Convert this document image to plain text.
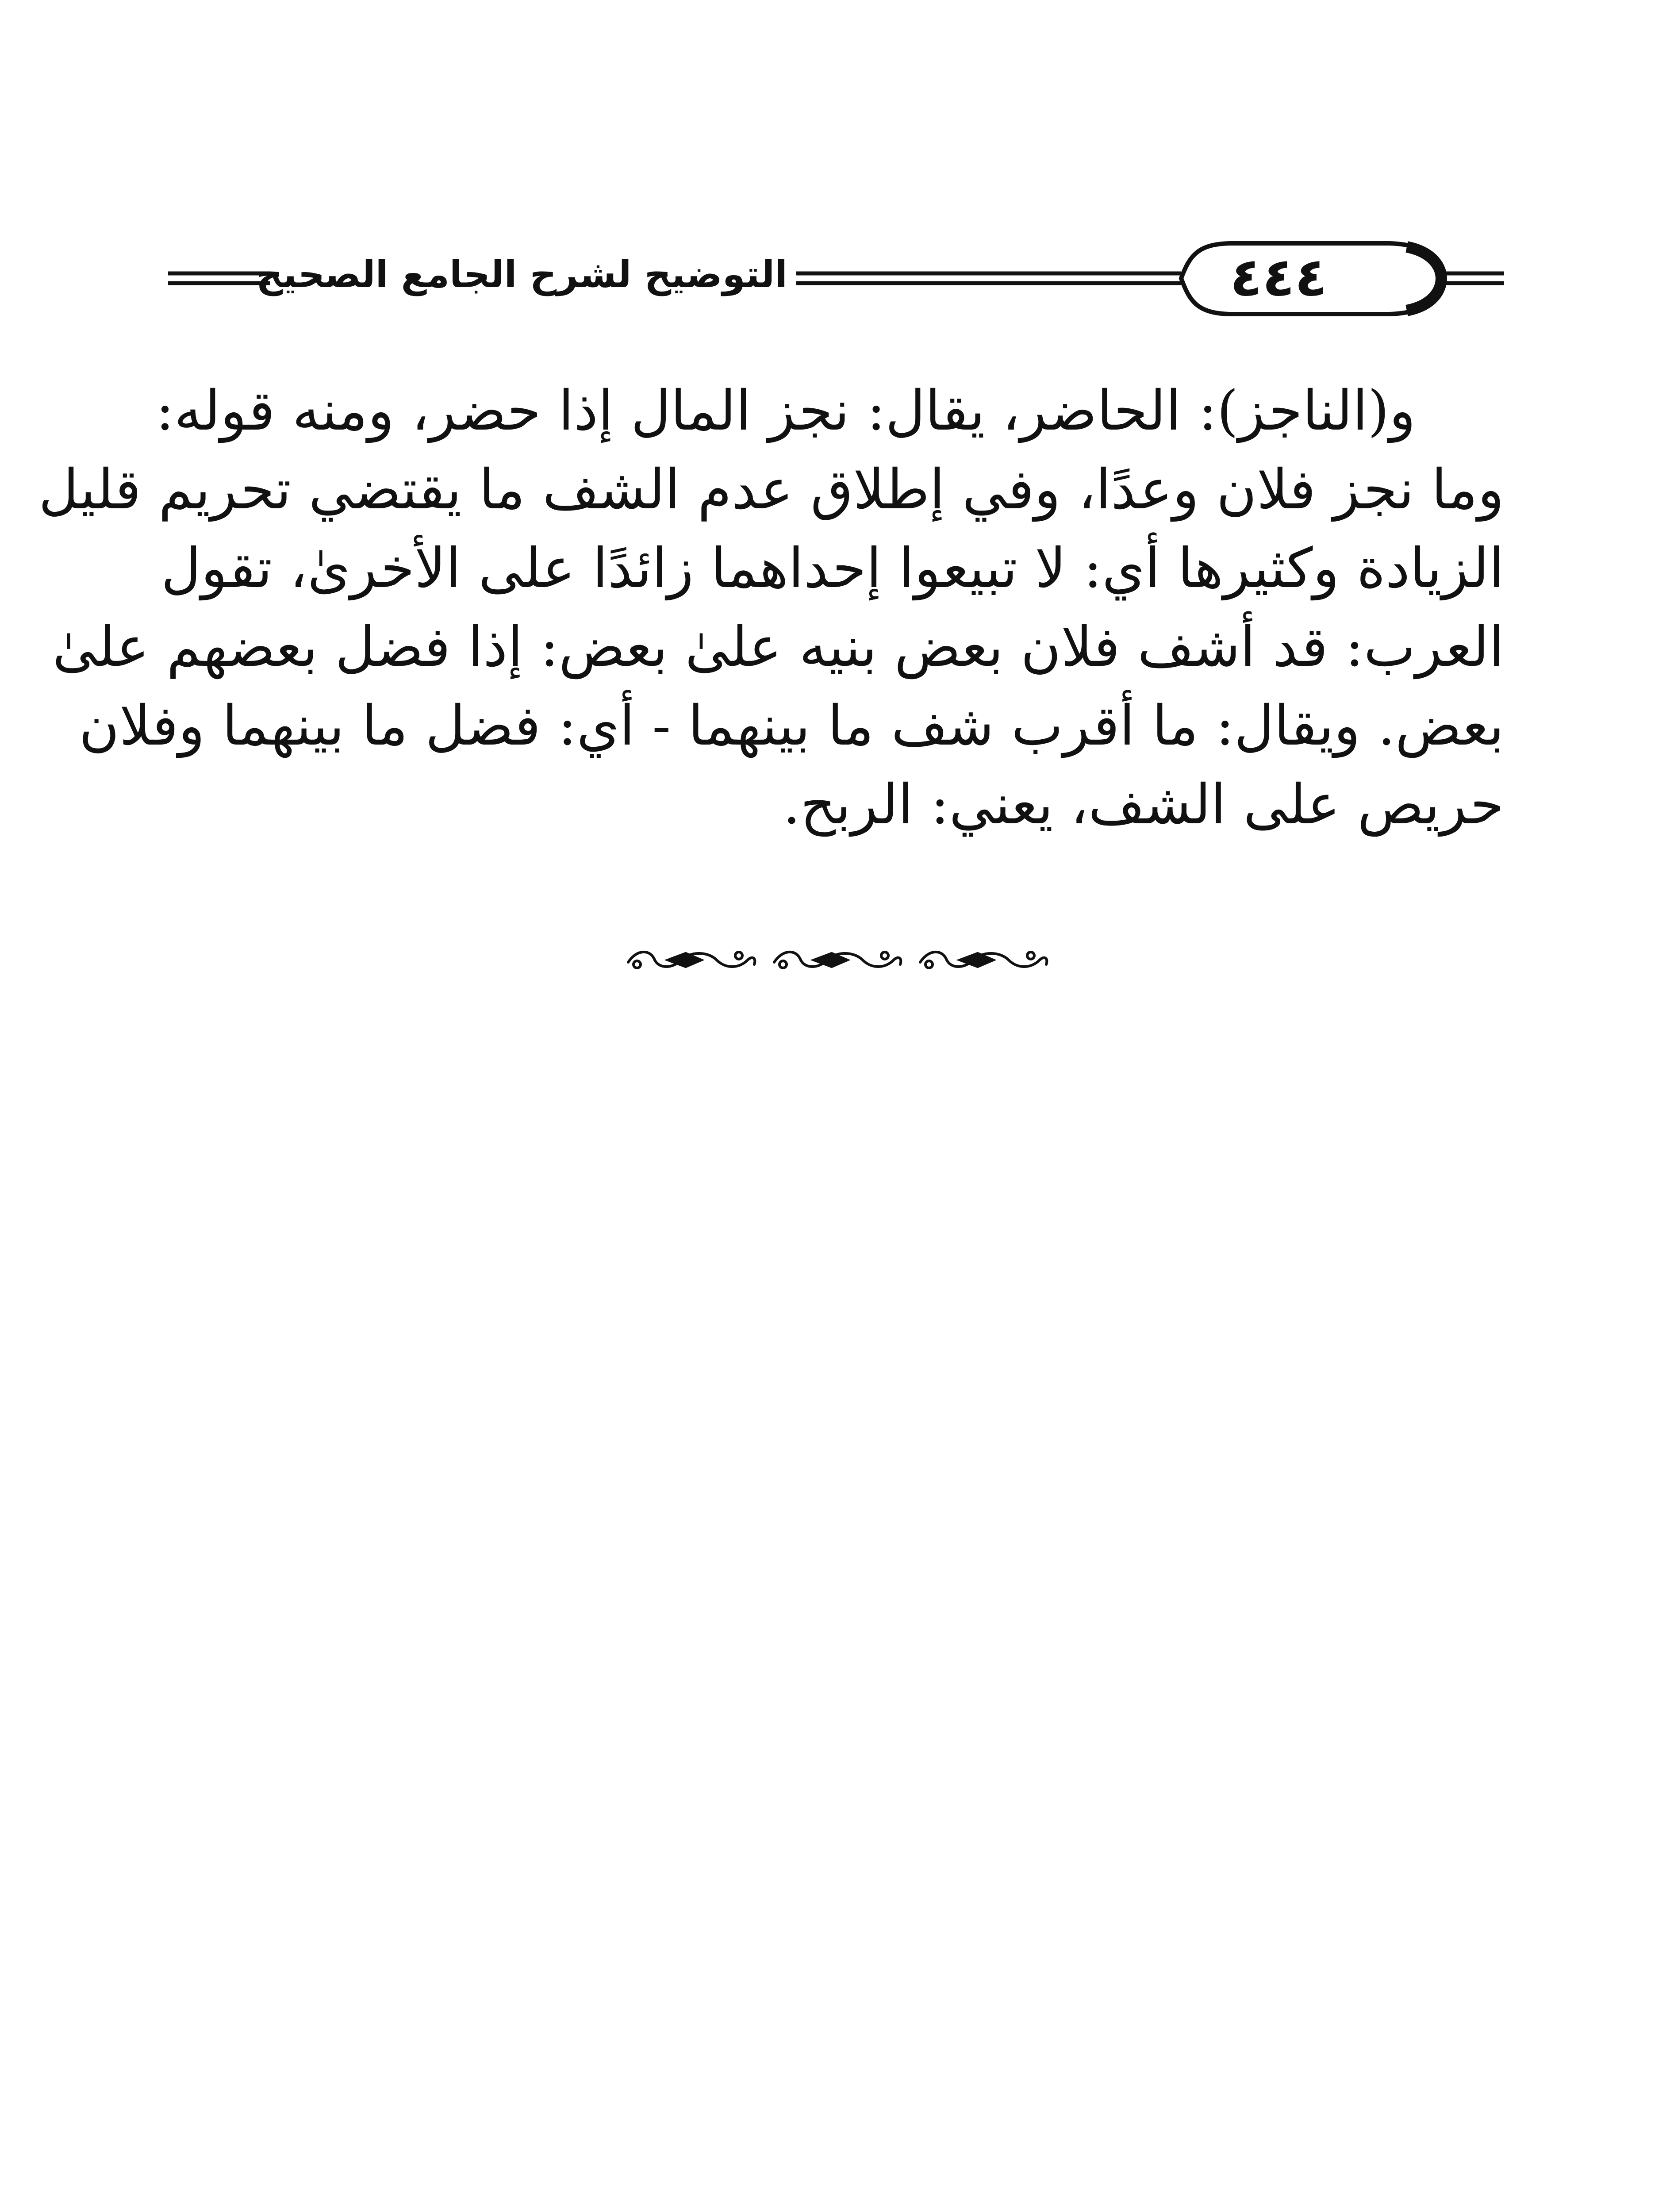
٤٤٤
التوضيح لشرح الجامع الصحيح
و(الناجز): الحاضر، يقال: نجز المال إذا حضر، ومنه قوله:
وما نجز فلان وعدًا، وفي إطلاق عدم الشف ما يقتضي تحريم قليل
الزيادة وكثيرها أي: لا تبيعوا إحداهما زائدًا على الأخرىٰ، تقول
العرب: قد أشف فلان بعض بنيه علىٰ بعض: إذا فضل بعضهم علىٰ
بعض. ويقال: ما أقرب شف ما بينهما - أي: فضل ما بينهما وفلان
حريص على الشف، يعني: الربح.
